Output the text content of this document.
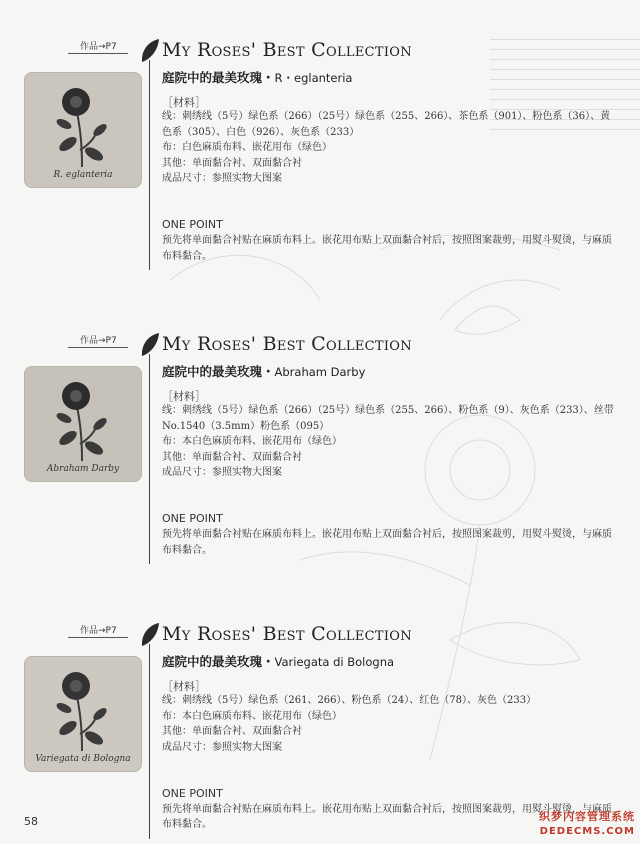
作品→P7
R. eglanteria
My Roses' Best Collection
庭院中的最美玫瑰・R・eglanteria
［材料］

线：刺绣线（5号）绿色系（266）（25号）绿色系（255、266）、茶色系（901）、粉色系（36）、黄色系（305）、白色（926）、灰色系（233）

布：白色麻质布料、嵌花用布（绿色）

其他：单面黏合衬、双面黏合衬

成品尺寸：参照实物大图案

ONE POINT
预先将单面黏合衬贴在麻质布料上。嵌花用布贴上双面黏合衬后，按照图案裁剪，用熨斗熨烫，与麻质布料黏合。
作品→P7
Abraham Darby
My Roses' Best Collection
庭院中的最美玫瑰・Abraham Darby
［材料］

线：刺绣线（5号）绿色系（266）（25号）绿色系（255、266）、粉色系（9）、灰色系（233）、丝带No.1540（3.5mm）粉色系（095）

布：本白色麻质布料、嵌花用布（绿色）

其他：单面黏合衬、双面黏合衬

成品尺寸：参照实物大图案

ONE POINT
预先将单面黏合衬贴在麻质布料上。嵌花用布贴上双面黏合衬后，按照图案裁剪，用熨斗熨烫，与麻质布料黏合。
作品→P7
Variegata di Bologna
My Roses' Best Collection
庭院中的最美玫瑰・Variegata di Bologna
［材料］

线：刺绣线（5号）绿色系（261、266）、粉色系（24）、红色（78）、灰色（233）

布：本白色麻质布料、嵌花用布（绿色）

其他：单面黏合衬、双面黏合衬

成品尺寸：参照实物大图案

ONE POINT
预先将单面黏合衬贴在麻质布料上。嵌花用布贴上双面黏合衬后，按照图案裁剪，用熨斗熨烫，与麻质布料黏合。
58	织梦内容管理系统
DEDECMS.COM
